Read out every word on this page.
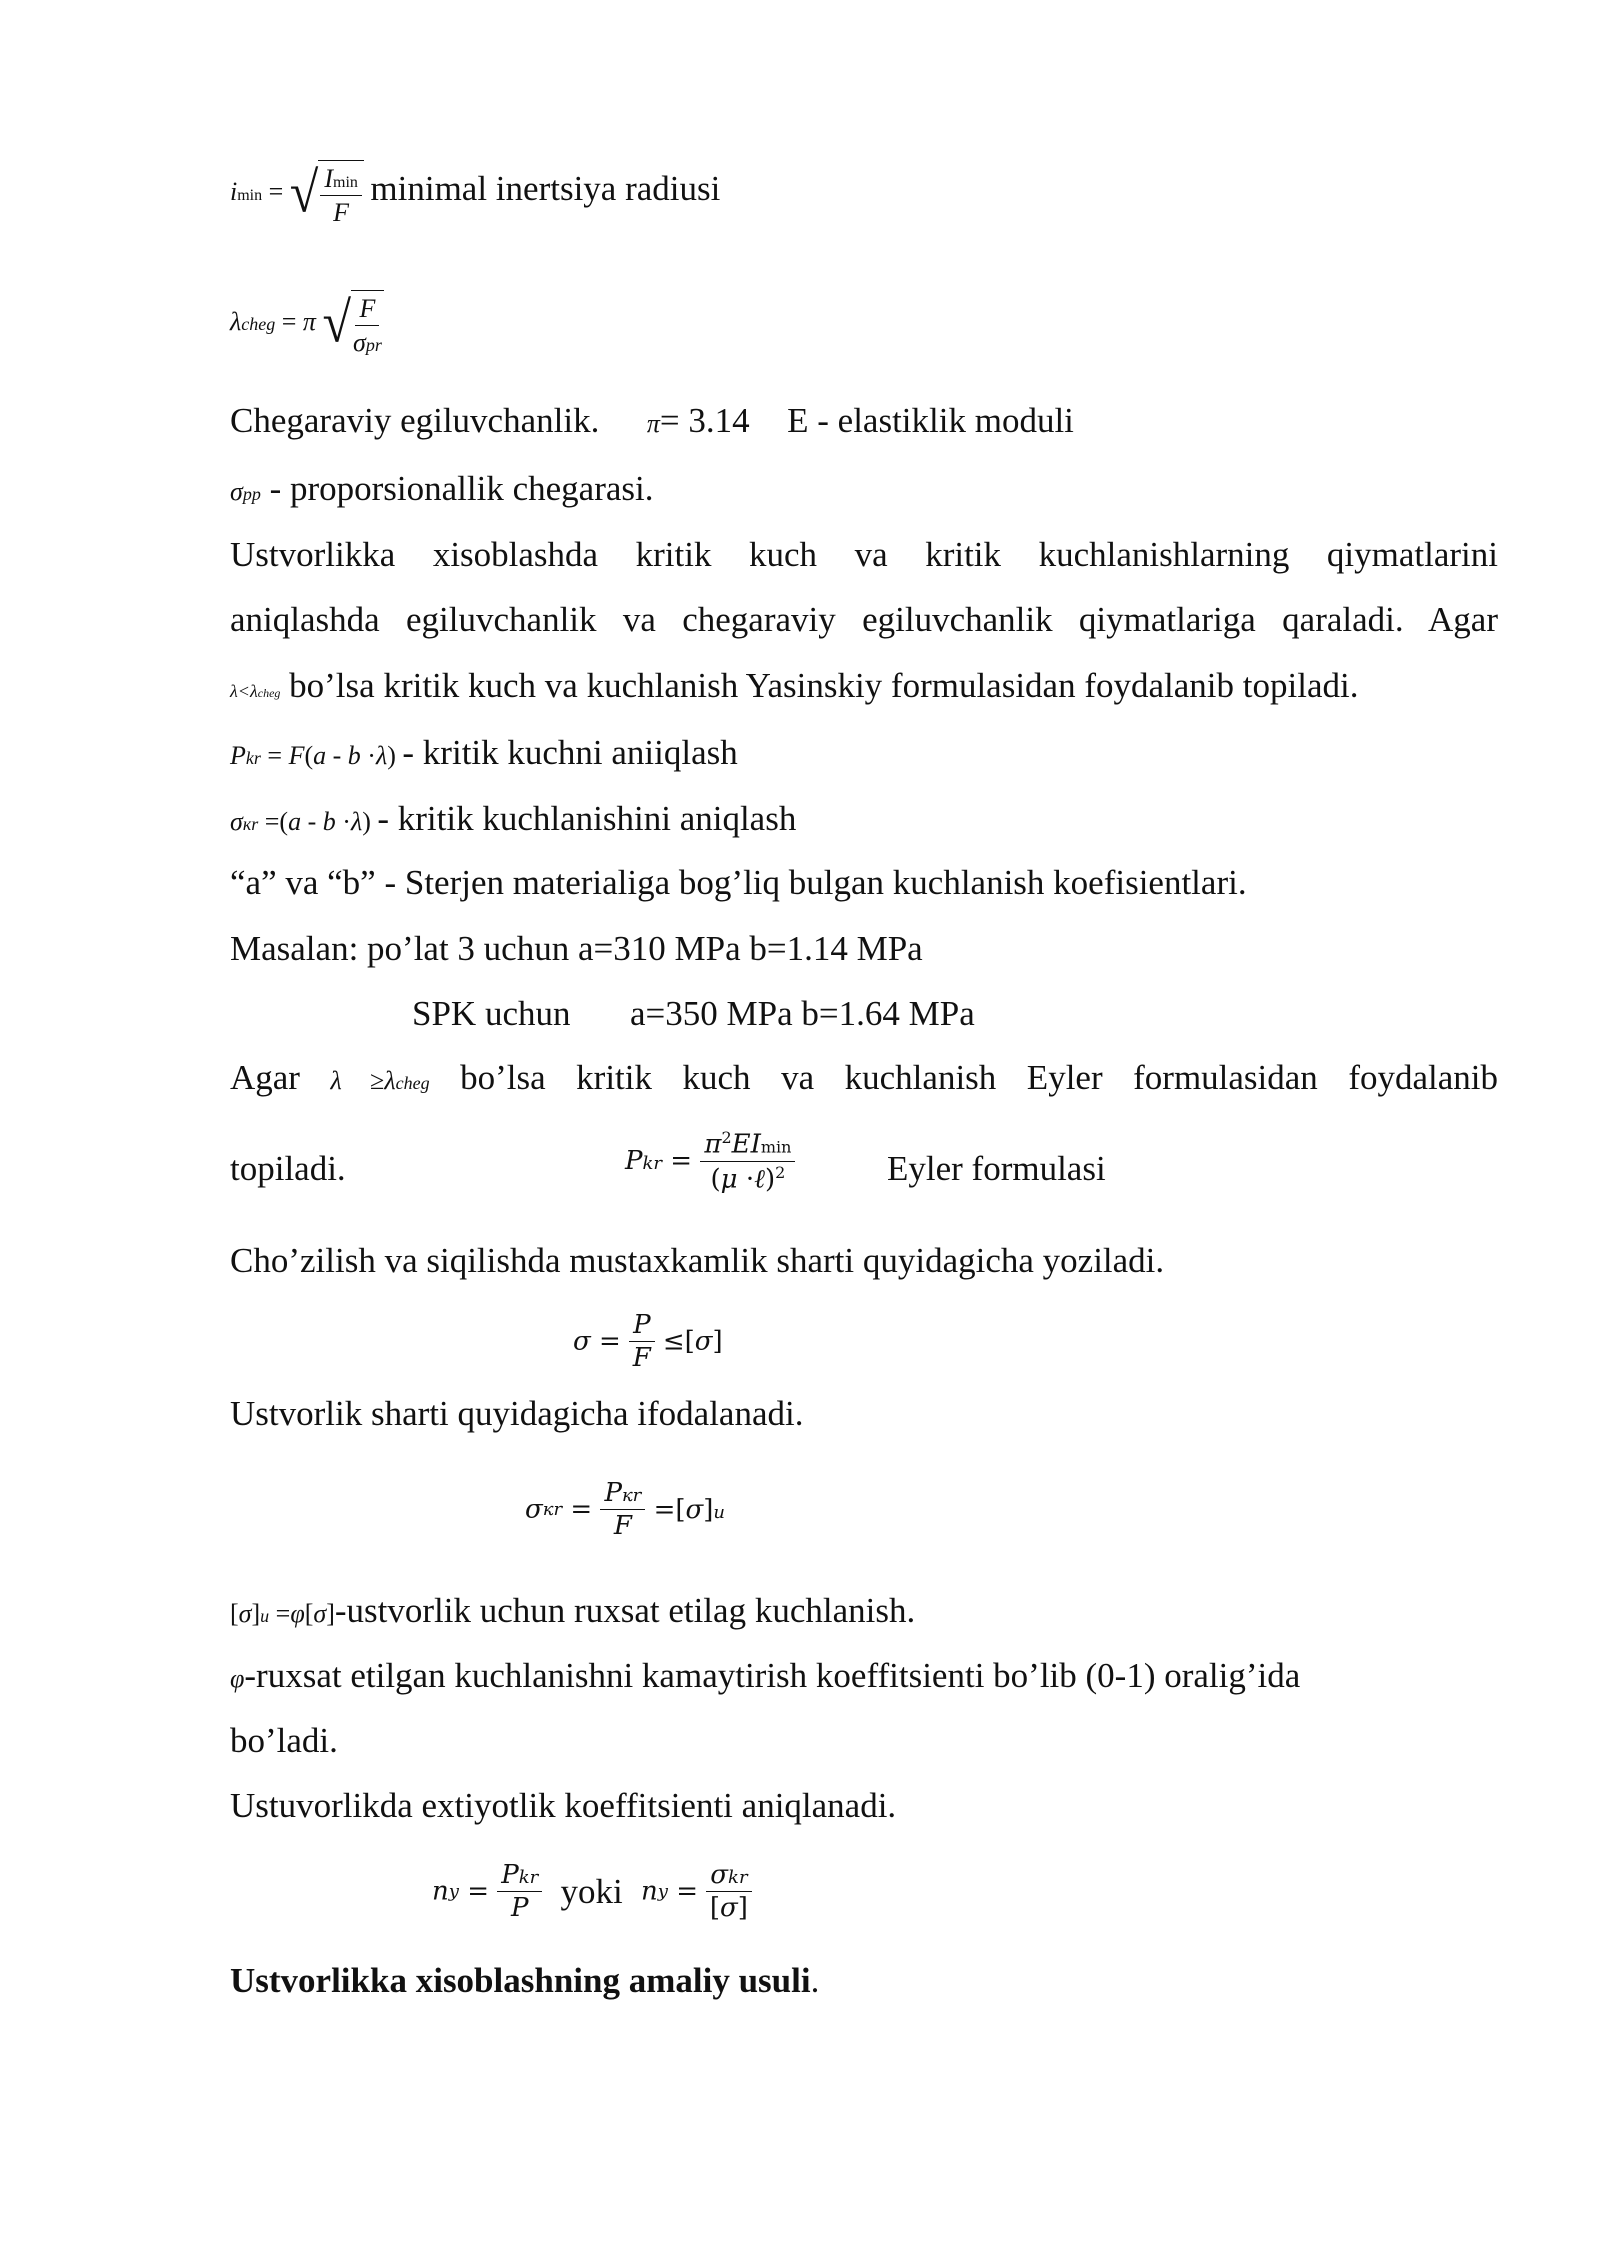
imin = √ $\frac{Imin}{F}$ minimal inertsiya radiusi
λcheg = π √ $\frac{F}{\text{σpr}}$
Chegaraviy egiluvchanlik. π= 3.14 E - elastiklik moduli
σpp - proporsionallik chegarasi.
Ustvorlikka xisoblashda kritik kuch va kritik kuchlanishlarning qiymatlarini
aniqlashda egiluvchanlik va chegaraviy egiluvchanlik qiymatlariga qaraladi. Agar
λ<λcheg bo’lsa kritik kuch va kuchlanish Yasinskiy formulasidan foydalanib topiladi.
Pkr = F(a - b ·λ) - kritik kuchni aniiqlash
σкr =(a - b ·λ) - kritik kuchlanishini aniqlash
“a” va “b” - Sterjen materialiga bog’liq bulgan kuchlanish koefisientlari.
Masalan: po’lat 3 uchun a=310 MPa b=1.14 MPa
SPK uchun a=350 MPa b=1.64 MPa
Agar λ ≥λcheg bo’lsa kritik kuch va kuchlanish Eyler formulasidan foydalanib
topiladi.	Pkr = $\frac{\pi^2EImin}{(\mu \cdot\ell)^2}$	Eyler formulasi
Cho’zilish va siqilishda mustaxkamlik sharti quyidagicha yoziladi.
$\sigma = \frac{P}{F} \le[\sigma]$
Ustvorlik sharti quyidagicha ifodalanadi.
$\sigma кr = \frac{\text{Pкr}}{F} =[\sigma]u$
[σ]u =φ[σ]-ustvorlik uchun ruxsat etilag kuchlanish.
φ-ruxsat etilgan kuchlanishni kamaytirish koeffitsienti bo’lib (0-1) oralig’ida
bo’ladi.
Ustuvorlikda extiyotlik koeffitsienti aniqlanadi.
ny = $\frac{\text{Pkr}}{P}$ yoki ny = $\frac{\text{σkr}}{[\sigma]}$
Ustvorlikka xisoblashning amaliy usuli.
